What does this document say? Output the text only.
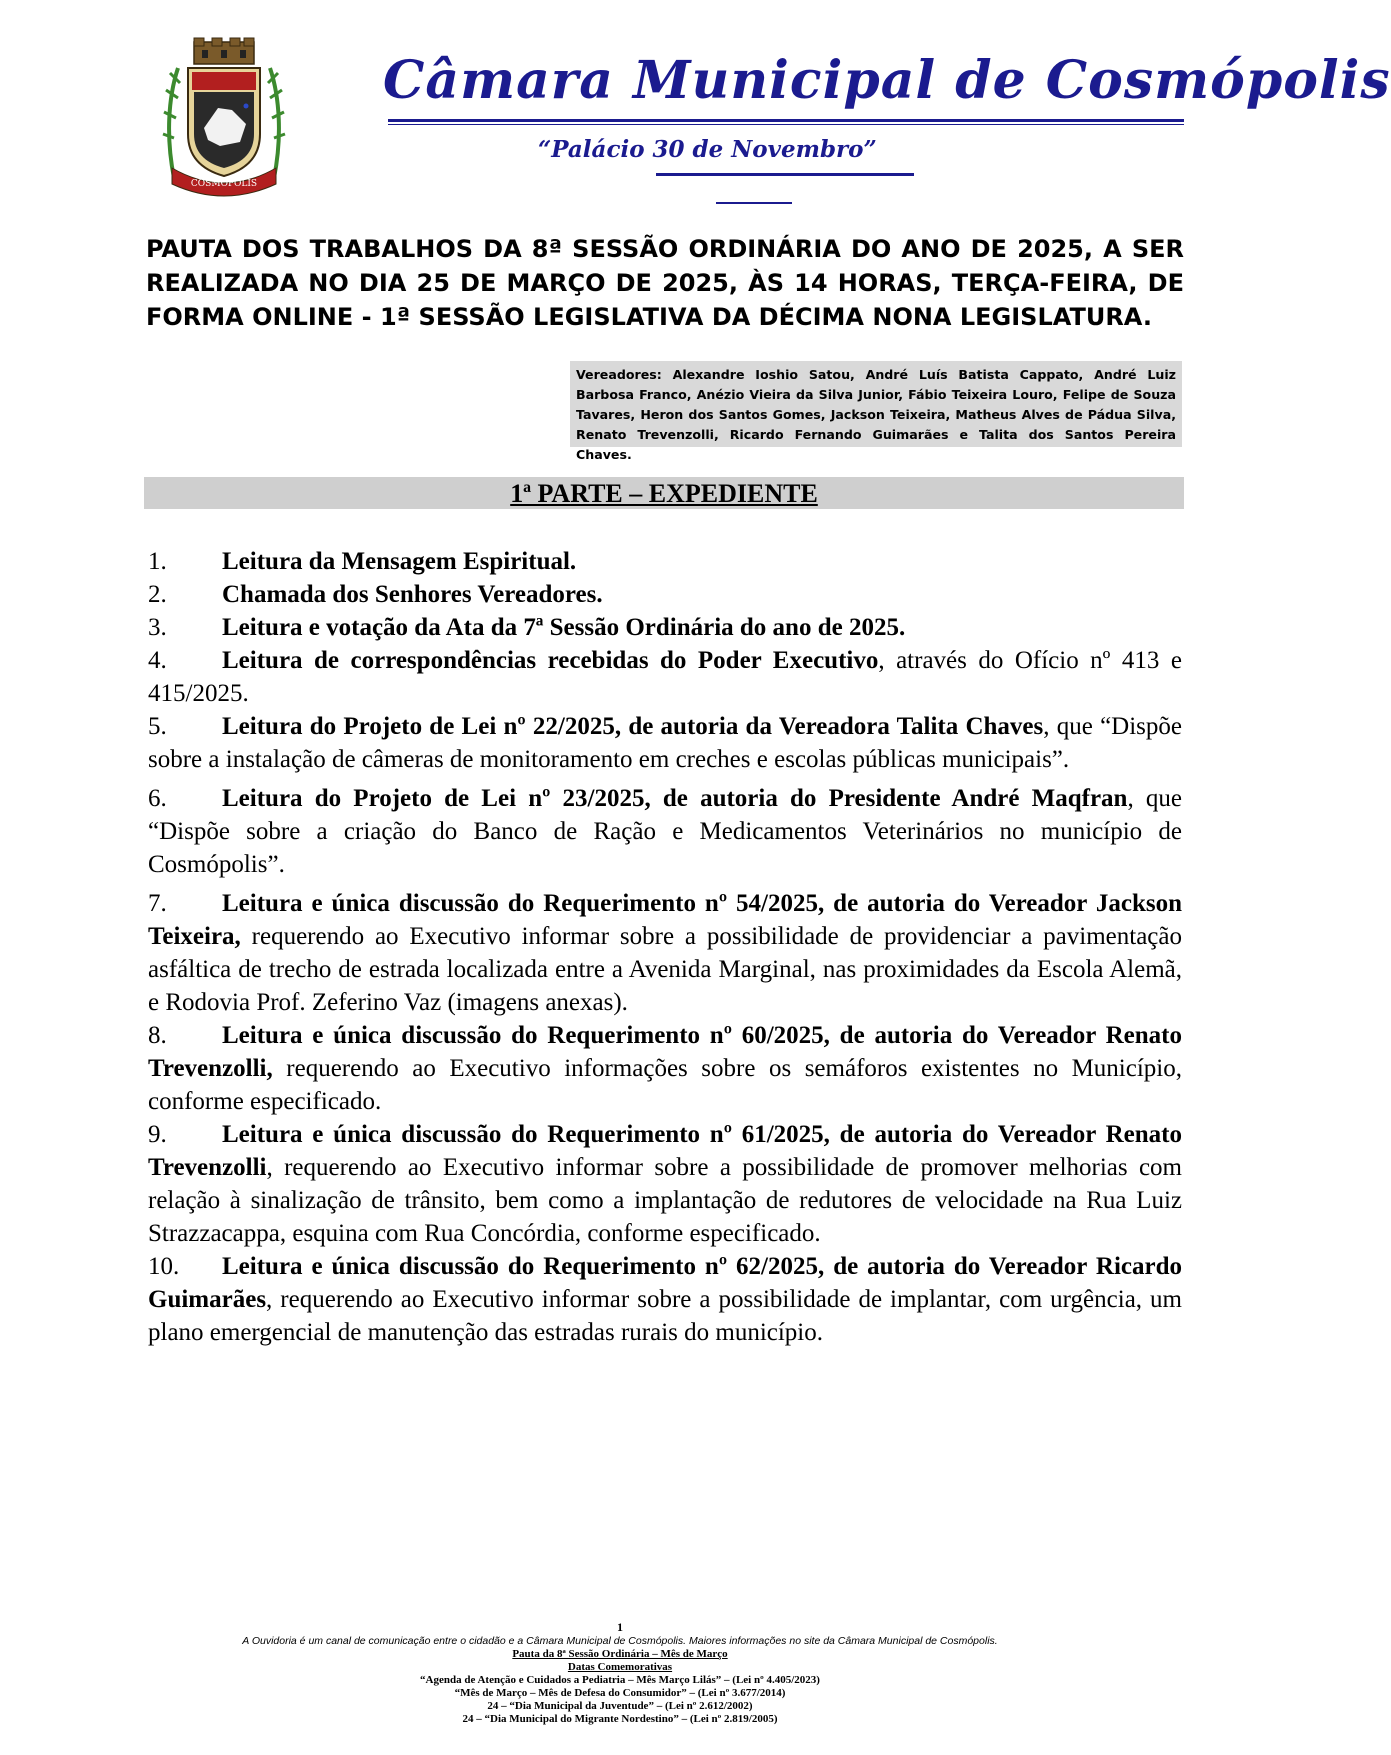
COSMÓPOLIS
Câmara Municipal de Cosmópolis
“Palácio 30 de Novembro”
PAUTA DOS TRABALHOS DA 8ª SESSÃO ORDINÁRIA DO ANO DE 2025, A SER
REALIZADA NO DIA 25 DE MARÇO DE 2025, ÀS 14 HORAS, TERÇA-FEIRA, DE
FORMA ONLINE - 1ª SESSÃO LEGISLATIVA DA DÉCIMA NONA LEGISLATURA.
Vereadores: Alexandre Ioshio Satou, André Luís Batista Cappato, André Luiz Barbosa Franco, Anézio Vieira da Silva Junior, Fábio Teixeira Louro, Felipe de Souza Tavares, Heron dos Santos Gomes, Jackson Teixeira, Matheus Alves de Pádua Silva, Renato Trevenzolli, Ricardo Fernando Guimarães e Talita dos Santos Pereira Chaves.
1ª PARTE – EXPEDIENTE

1. Leitura da Mensagem Espiritual.

2. Chamada dos Senhores Vereadores.

3. Leitura e votação da Ata da 7ª Sessão Ordinária do ano de 2025.

4. Leitura de correspondências recebidas do Poder Executivo, através do Ofício nº 413 e 415/2025.

5. Leitura do Projeto de Lei nº 22/2025, de autoria da Vereadora Talita Chaves, que “Dispõe sobre a instalação de câmeras de monitoramento em creches e escolas públicas municipais”.

6. Leitura do Projeto de Lei nº 23/2025, de autoria do Presidente André Maqfran, que “Dispõe sobre a criação do Banco de Ração e Medicamentos Veterinários no município de Cosmópolis”.

7. Leitura e única discussão do Requerimento nº 54/2025, de autoria do Vereador Jackson Teixeira, requerendo ao Executivo informar sobre a possibilidade de providenciar a pavimentação asfáltica de trecho de estrada localizada entre a Avenida Marginal, nas proximidades da Escola Alemã, e Rodovia Prof. Zeferino Vaz (imagens anexas).

8. Leitura e única discussão do Requerimento nº 60/2025, de autoria do Vereador Renato Trevenzolli, requerendo ao Executivo informações sobre os semáforos existentes no Município, conforme especificado.

9. Leitura e única discussão do Requerimento nº 61/2025, de autoria do Vereador Renato Trevenzolli, requerendo ao Executivo informar sobre a possibilidade de promover melhorias com relação à sinalização de trânsito, bem como a implantação de redutores de velocidade na Rua Luiz Strazzacappa, esquina com Rua Concórdia, conforme especificado.

10. Leitura e única discussão do Requerimento nº 62/2025, de autoria do Vereador Ricardo Guimarães, requerendo ao Executivo informar sobre a possibilidade de implantar, com urgência, um plano emergencial de manutenção das estradas rurais do município.

1
A Ouvidoria é um canal de comunicação entre o cidadão e a Câmara Municipal de Cosmópolis. Maiores informações no site da Câmara Municipal de Cosmópolis.
Pauta da 8ª Sessão Ordinária – Mês de Março
Datas Comemorativas
“Agenda de Atenção e Cuidados a Pediatria – Mês Março Lilás” – (Lei nº 4.405/2023)
“Mês de Março – Mês de Defesa do Consumidor” – (Lei nº 3.677/2014)
24 – “Dia Municipal da Juventude” – (Lei nº 2.612/2002)
24 – “Dia Municipal do Migrante Nordestino” – (Lei nº 2.819/2005)
